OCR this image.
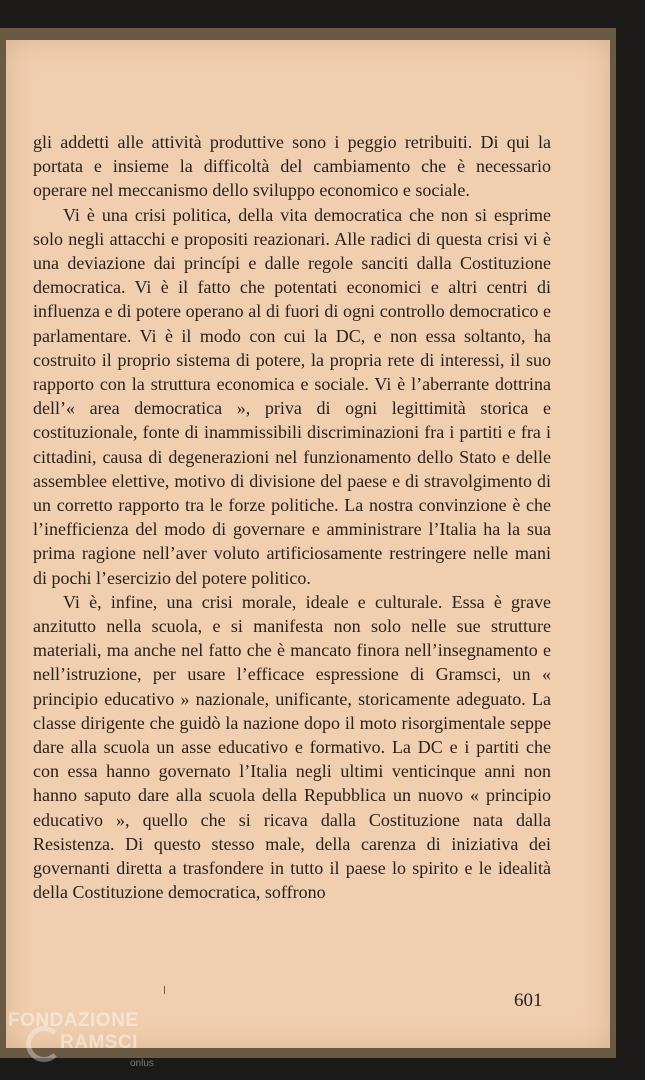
gli addetti alle attività produttive sono i peggio retribuiti. Di qui la portata e insieme la difficoltà del cambiamento che è necessario operare nel meccanismo dello sviluppo economico e sociale.

Vi è una crisi politica, della vita democratica che non si esprime solo negli attacchi e propositi reazionari. Alle radici di questa crisi vi è una deviazione dai princípi e dalle regole sanciti dalla Costituzione democratica. Vi è il fatto che potentati economici e altri centri di influenza e di potere operano al di fuori di ogni controllo democratico e parlamentare. Vi è il modo con cui la DC, e non essa soltanto, ha costruito il proprio sistema di potere, la propria rete di interessi, il suo rapporto con la struttura economica e sociale. Vi è l’aberrante dottrina dell’« area democratica », priva di ogni legittimità storica e costituzionale, fonte di inammissibili discriminazioni fra i partiti e fra i cittadini, causa di degenerazioni nel funzionamento dello Stato e delle assemblee elettive, motivo di divisione del paese e di stravolgimento di un corretto rapporto tra le forze politiche. La nostra convinzione è che l’inefficienza del modo di governare e amministrare l’Italia ha la sua prima ragione nell’aver voluto artificiosamente restringere nelle mani di pochi l’esercizio del potere politico.

Vi è, infine, una crisi morale, ideale e culturale. Essa è grave anzitutto nella scuola, e si manifesta non solo nelle sue strutture materiali, ma anche nel fatto che è mancato finora nell’insegnamento e nell’istruzione, per usare l’efficace espressione di Gramsci, un « principio educativo » nazionale, unificante, storicamente adeguato. La classe dirigente che guidò la nazione dopo il moto risorgimentale seppe dare alla scuola un asse educativo e formativo. La DC e i partiti che con essa hanno governato l’Italia negli ultimi venticinque anni non hanno saputo dare alla scuola della Repubblica un nuovo « principio educativo », quello che si ricava dalla Costituzione nata dalla Resistenza. Di questo stesso male, della carenza di iniziativa dei governanti diretta a trasfondere in tutto il paese lo spirito e le idealità della Costituzione democratica, soffrono

601
FONDAZIONE
RAMSCI
onlus
